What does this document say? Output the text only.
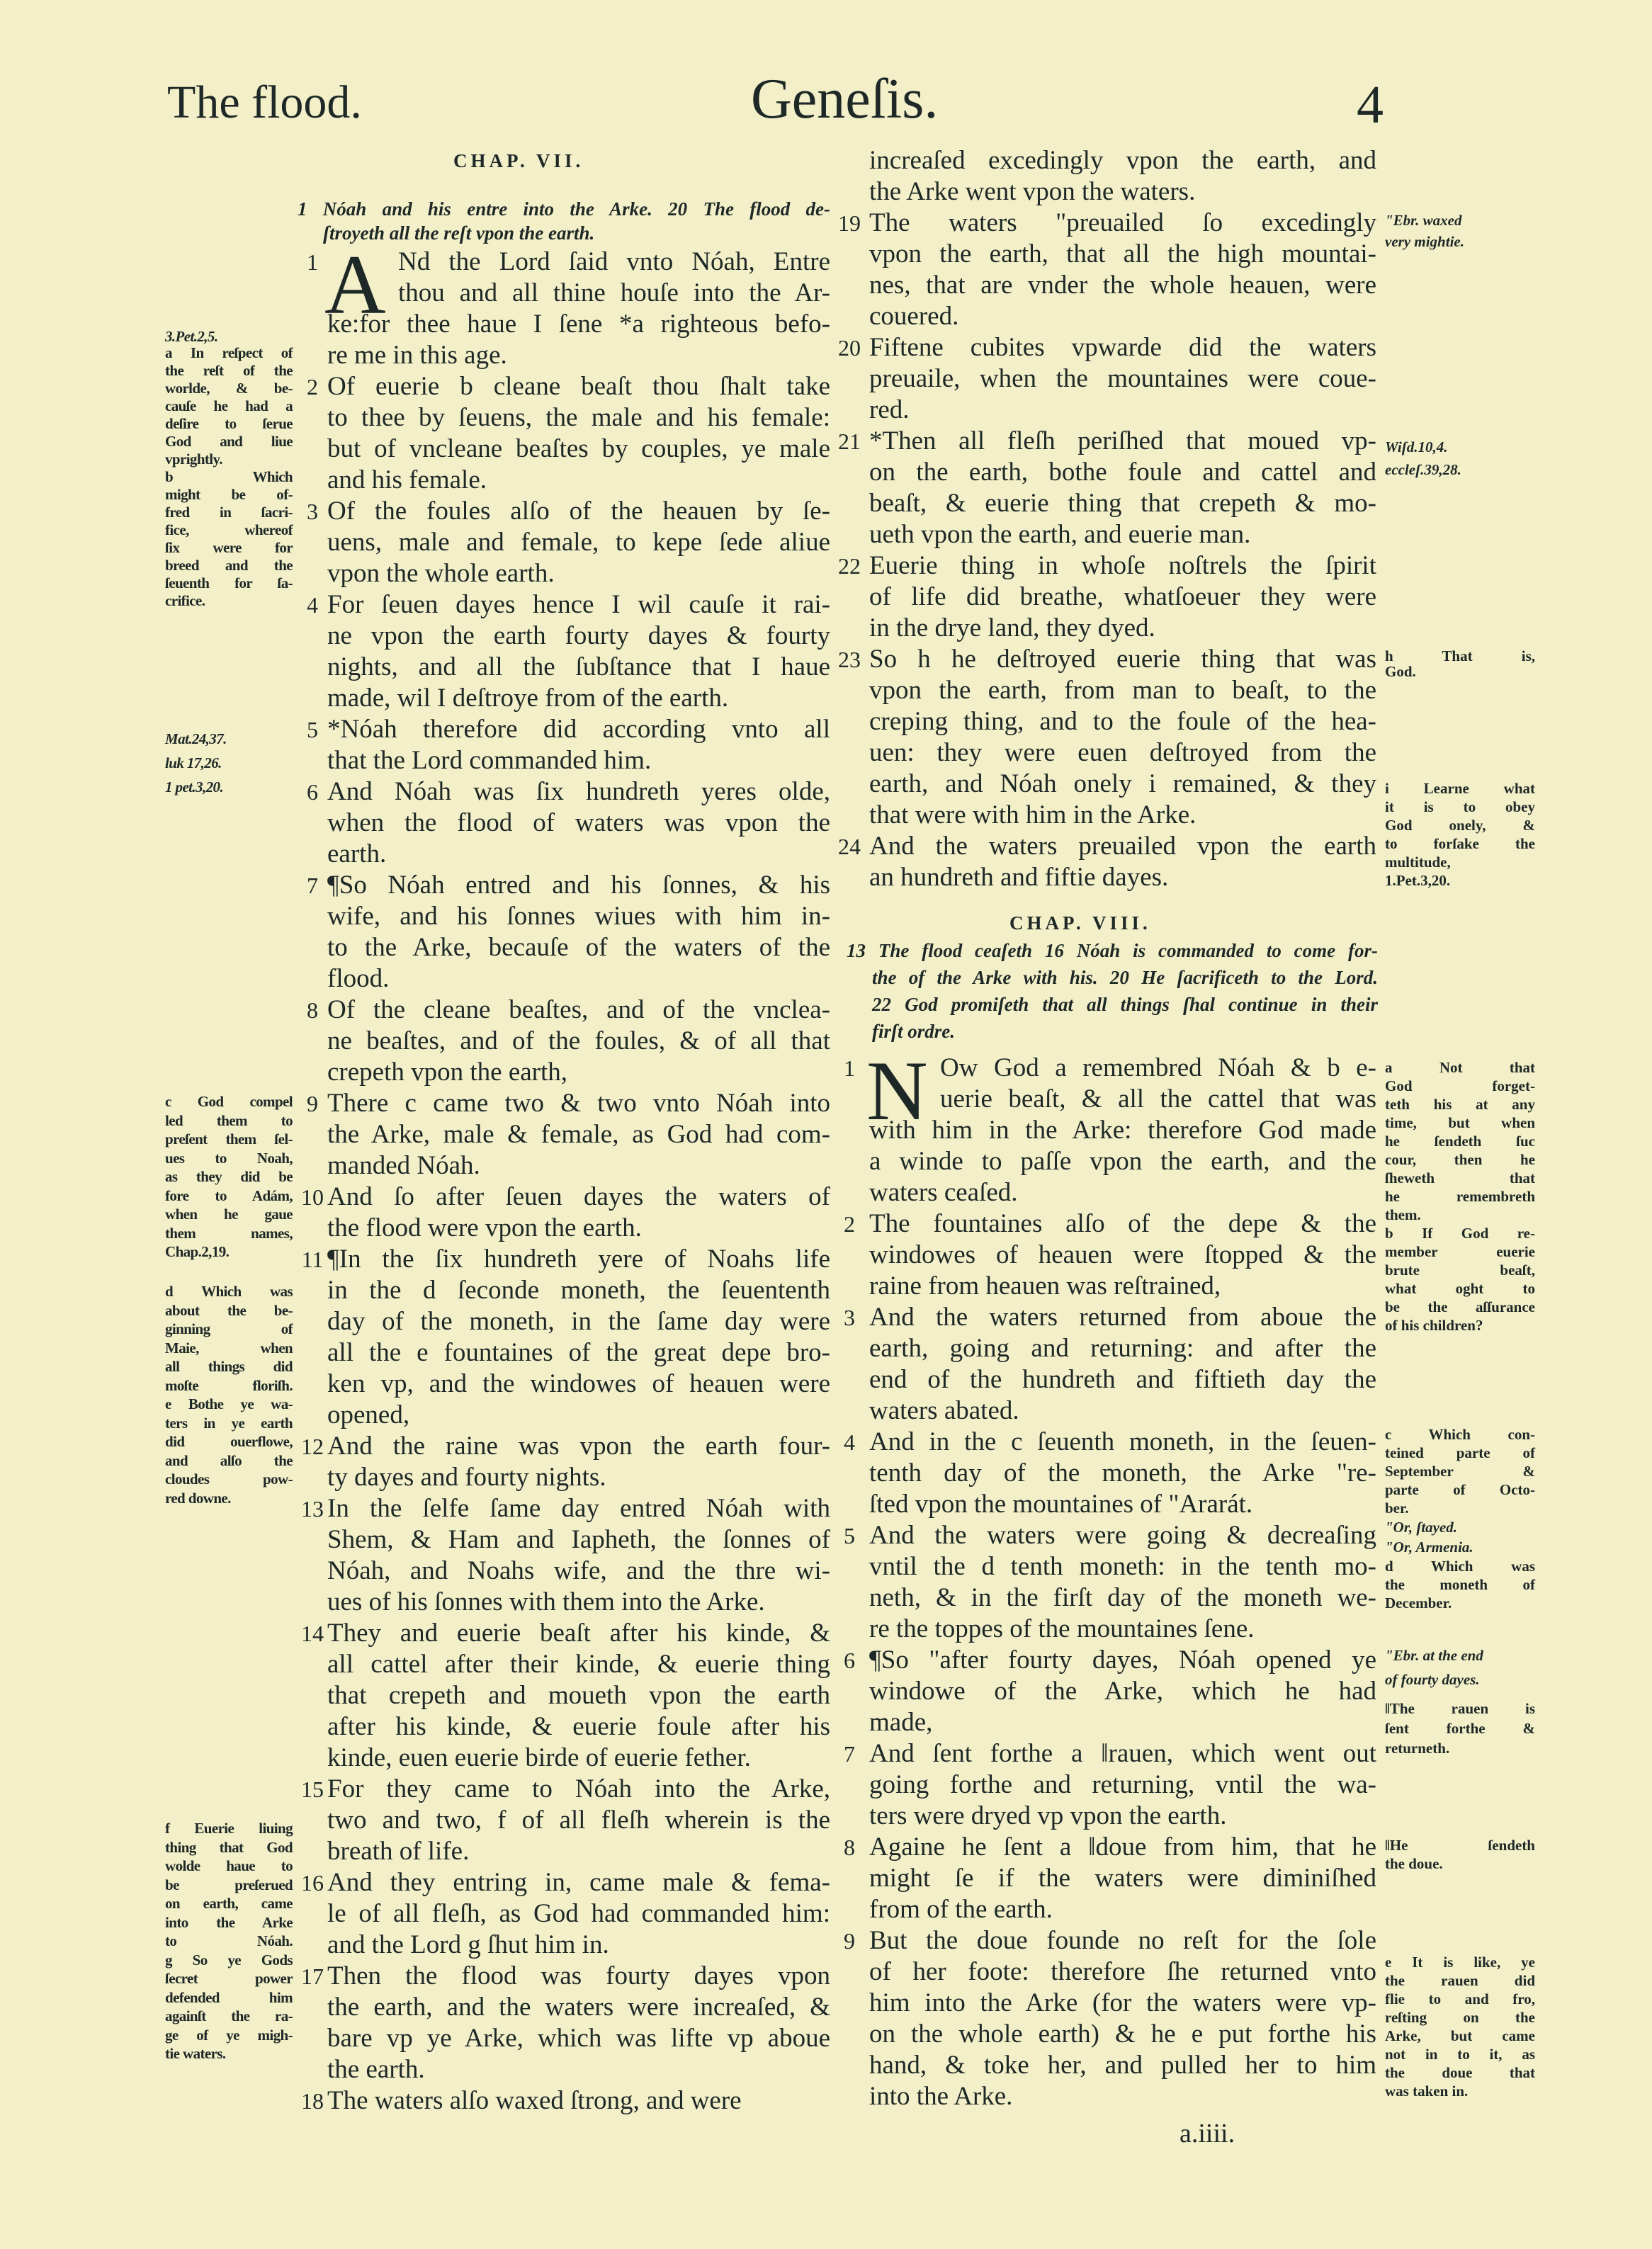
The flood.	Geneſis.	4
CHAP. VII.
CHAP. VIII.
1 Nóah and his entre into the Arke. 20 The flood de-
ſtroyeth all the reſt vpon the earth.
1	Nd the Lord ſaid vnto Nóah, Entre
thou and all thine houſe into the Ar-
ke:for thee haue I ſene *a righteous befo-
re me in this age.
2 Of euerie b cleane beaſt thou ſhalt take
to thee by ſeuens, the male and his female:
but of vncleane beaſtes by couples, ye male
and his female.
3 Of the foules alſo of the heauen by ſe-
uens, male and female, to kepe ſede aliue
vpon the whole earth.
4 For ſeuen dayes hence I wil cauſe it rai-
ne vpon the earth fourty dayes & fourty
nights, and all the ſubſtance that I haue
made, wil I deſtroye from of the earth.
5 *Nóah therefore did according vnto all
that the Lord commanded him.
6 And Nóah was ſix hundreth yeres olde,
when the flood of waters was vpon the
earth.
7 ¶So Nóah entred and his ſonnes, & his
wife, and his ſonnes wiues with him in-
to the Arke, becauſe of the waters of the
flood.
8 Of the cleane beaſtes, and of the vnclea-
ne beaſtes, and of the foules, & of all that
crepeth vpon the earth,
9 There c came two & two vnto Nóah into
the Arke, male & female, as God had com-
manded Nóah.
10 And ſo after ſeuen dayes the waters of
the flood were vpon the earth.
11 ¶In the ſix hundreth yere of Noahs life
in the d ſeconde moneth, the ſeuententh
day of the moneth, in the ſame day were
all the e fountaines of the great depe bro-
ken vp, and the windowes of heauen were
opened,
12 And the raine was vpon the earth four-
ty dayes and fourty nights.
13 In the ſelfe ſame day entred Nóah with
Shem, & Ham and Iapheth, the ſonnes of
Nóah, and Noahs wife, and the thre wi-
ues of his ſonnes with them into the Arke.
14 They and euerie beaſt after his kinde, &
all cattel after their kinde, & euerie thing
that crepeth and moueth vpon the earth
after his kinde, & euerie foule after his
kinde, euen euerie birde of euerie fether.
15 For they came to Nóah into the Arke,
two and two, f of all fleſh wherein is the
breath of life.
16 And they entring in, came male & fema-
le of all fleſh, as God had commanded him:
and the Lord g ſhut him in.
17 Then the flood was fourty dayes vpon
the earth, and the waters were increaſed, &
bare vp ye Arke, which was lifte vp aboue
the earth.
18 The waters alſo waxed ſtrong, and were
A
increaſed excedingly vpon the earth, and
the Arke went vpon the waters.
19 The waters "preuailed ſo excedingly
vpon the earth, that all the high mountai-
nes, that are vnder the whole heauen, were
couered.
20 Fiftene cubites vpwarde did the waters
preuaile, when the mountaines were coue-
red.
21 *Then all fleſh periſhed that moued vp-
on the earth, bothe foule and cattel and
beaſt, & euerie thing that crepeth & mo-
ueth vpon the earth, and euerie man.
22 Euerie thing in whoſe noſtrels the ſpirit
of life did breathe, whatſoeuer they were
in the drye land, they dyed.
23 So h he deſtroyed euerie thing that was
vpon the earth, from man to beaſt, to the
creping thing, and to the foule of the hea-
uen: they were euen deſtroyed from the
earth, and Nóah onely i remained, & they
that were with him in the Arke.
24 And the waters preuailed vpon the earth
an hundreth and fiftie dayes.
13 The flood ceaſeth 16 Nóah is commanded to come for-
the of the Arke with his. 20 He ſacrificeth to the Lord.
22 God promiſeth that all things ſhal continue in their
firſt ordre.
1	Ow God a remembred Nóah & b e-
uerie beaſt, & all the cattel that was
with him in the Arke: therefore God made
a winde to paſſe vpon the earth, and the
waters ceaſed.
2 The fountaines alſo of the depe & the
windowes of heauen were ſtopped & the
raine from heauen was reſtrained,
3 And the waters returned from aboue the
earth, going and returning: and after the
end of the hundreth and fiftieth day the
waters abated.
4 And in the c ſeuenth moneth, in the ſeuen-
tenth day of the moneth, the Arke "re-
ſted vpon the mountaines of "Ararát.
5 And the waters were going & decreaſing
vntil the d tenth moneth: in the tenth mo-
neth, & in the firſt day of the moneth we-
re the toppes of the mountaines ſene.
6 ¶So "after fourty dayes, Nóah opened ye
windowe of the Arke, which he had
made,
7 And ſent forthe a ‖rauen, which went out
going forthe and returning, vntil the wa-
ters were dryed vp vpon the earth.
8 Againe he ſent a ‖doue from him, that he
might ſe if the waters were diminiſhed
from of the earth.
9 But the doue founde no reſt for the ſole
of her foote: therefore ſhe returned vnto
him into the Arke (for the waters were vp-
on the whole earth) & he e put forthe his
hand, & toke her, and pulled her to him
into the Arke.
N
3.Pet.2,5.
a In reſpect of
the reſt of the
worlde, & be-
cauſe he had a
deſire to ſerue
God and liue
vprightly.
b Which
might be of-
fred in ſacri-
fice, whereof
ſix were for
breed and the
ſeuenth for ſa-
crifice.
Mat.24,37.
luk 17,26.
1 pet.3,20.
c God compel
led them to
preſent them ſel-
ues to Noah,
as they did be
fore to Adám,
when he gaue
them names,
Chap.2,19.
d Which was
about the be-
ginning of
Maie, when
all things did
moſte floriſh.
e Bothe ye wa-
ters in ye earth
did ouerflowe,
and alſo the
cloudes pow-
red downe.
f Euerie liuing
thing that God
wolde haue to
be preſerued
on earth, came
into the Arke
to Nóah.
g So ye Gods
ſecret power
defended him
againſt the ra-
ge of ye migh-
tie waters.
"Ebr. waxed
very mightie.
Wiſd.10,4.
eccleſ.39,28.
h That is,
God.
i Learne what
it is to obey
God onely, &
to forſake the
multitude,
1.Pet.3,20.
a Not that
God forget-
teth his at any
time, but when
he ſendeth ſuc
cour, then he
ſheweth that
he remembreth
them.
b If God re-
member euerie
brute beaſt,
what oght to
be the aſſurance
of his children?
c Which con-
teined parte of
September &
parte of Octo-
ber.
"Or, ſtayed.
"Or, Armenia.
d Which was
the moneth of
December.
"Ebr. at the end
of fourty dayes.
‖The rauen is
ſent forthe &
returneth.
‖He ſendeth
the doue.
e It is like, ye
the rauen did
flie to and fro,
reſting on the
Arke, but came
not in to it, as
the doue that
was taken in.
a.iiii.
